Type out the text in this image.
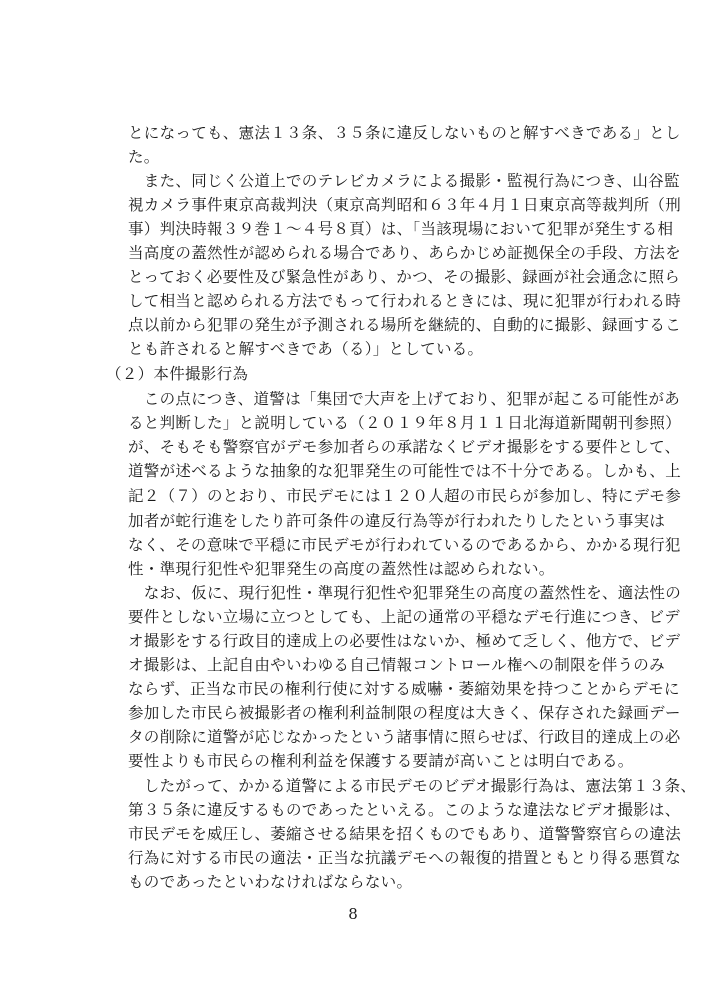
とになっても、憲法１３条、３５条に違反しないものと解すべきである」とし
た。
　また、同じく公道上でのテレビカメラによる撮影・監視行為につき、山谷監
視カメラ事件東京高裁判決（東京高判昭和６３年４月１日東京高等裁判所（刑
事）判決時報３９巻１～４号８頁）は、「当該現場において犯罪が発生する相
当高度の蓋然性が認められる場合であり、あらかじめ証拠保全の手段、方法を
とっておく必要性及び緊急性があり、かつ、その撮影、録画が社会通念に照ら
して相当と認められる方法でもって行われるときには、現に犯罪が行われる時
点以前から犯罪の発生が予測される場所を継続的、自動的に撮影、録画するこ
とも許されると解すべきであ（る）」としている。
（２）本件撮影行為
　この点につき、道警は「集団で大声を上げており、犯罪が起こる可能性があ
ると判断した」と説明している（２０１９年８月１１日北海道新聞朝刊参照）
が、そもそも警察官がデモ参加者らの承諾なくビデオ撮影をする要件として、
道警が述べるような抽象的な犯罪発生の可能性では不十分である。しかも、上
記２（７）のとおり、市民デモには１２０人超の市民らが参加し、特にデモ参
加者が蛇行進をしたり許可条件の違反行為等が行われたりしたという事実は
なく、その意味で平穏に市民デモが行われているのであるから、かかる現行犯
性・準現行犯性や犯罪発生の高度の蓋然性は認められない。
　なお、仮に、現行犯性・準現行犯性や犯罪発生の高度の蓋然性を、適法性の
要件としない立場に立つとしても、上記の通常の平穏なデモ行進につき、ビデ
オ撮影をする行政目的達成上の必要性はないか、極めて乏しく、他方で、ビデ
オ撮影は、上記自由やいわゆる自己情報コントロール権への制限を伴うのみ
ならず、正当な市民の権利行使に対する威嚇・萎縮効果を持つことからデモに
参加した市民ら被撮影者の権利利益制限の程度は大きく、保存された録画デー
タの削除に道警が応じなかったという諸事情に照らせば、行政目的達成上の必
要性よりも市民らの権利利益を保護する要請が高いことは明白である。
　したがって、かかる道警による市民デモのビデオ撮影行為は、憲法第１３条、
第３５条に違反するものであったといえる。このような違法なビデオ撮影は、
市民デモを威圧し、萎縮させる結果を招くものでもあり、道警警察官らの違法
行為に対する市民の適法・正当な抗議デモへの報復的措置ともとり得る悪質な
ものであったといわなければならない。
8
